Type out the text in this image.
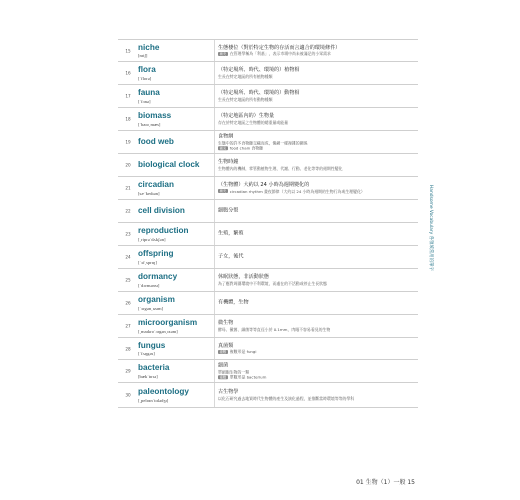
15 niche
[nɪtʃ]
生態棲位（對於特定生物的存活而言適合的環境條件）
補充 在管理學稱為「利基」，表示市場中尚未被滿足的小眾需求
16 flora
[ˈflorə]
（特定場所、時代、環境的）植物相
生長在特定地區的所有植物種類
17 fauna
[ˈfɔnə]
（特定場所、時代、環境的）動物相
生長在特定地區的所有動物種類
18 biomass
[ˈbaɪo͵mæs]
（特定地區內的）生物量
存在於特定地區之生物體的總重量或能量
19 food web
食物網
生態中的許多食物鏈交織而成，像網一樣複雜的關係
補充 food chain 食物鏈
20 biological clock	生物時鐘
生物體內的機制，掌管動植物生理、代謝、行動、老化等等的週期性變化
21 circadian
[sɚˈkedɪən]
（生物體）大約以 24 小時為週期變化的
補充 circadian rhythm 晝夜節律（大約以 24 小時為週期的生物行為或生理變化）
22 cell division	細胞分裂
23 reproduction
[͵riprəˈdʌkʃən]
生殖，繁殖
24 offspring
[ˈɔf͵sprɪŋ]
子女，後代
25 dormancy
[ˈdɔrmənsɪ]
休眠狀態，非活動狀態
為了應對周圍環境中不利環境，而處在的不活動或停止生長狀態
26 organism
[ˈɔrgən͵ɪzəm]
有機體，生物
27 microorganism
[͵maɪkroˈɔrgən͵ɪzəm]
微生物
酵母、黴菌、細菌等等直徑小於 0.1mm，肉眼不容易看見的生物
28 fungus
[ˈfʌŋgəs]
真菌類
複數 複數形是 fungi
29 bacteria
[bækˈtɪrɪə]
細菌
單細胞生物的一類
複數 單數形是 bacterium
30 paleontology
[͵pelɪɑnˈtɑlədʒɪ]
古生物學
以化石研究過去地質時代生物體的產生及演化過程，並推斷當時環境等等的學科
Handsome Vocabulary 各領域常用的單字
01 生物（1）一般 15
